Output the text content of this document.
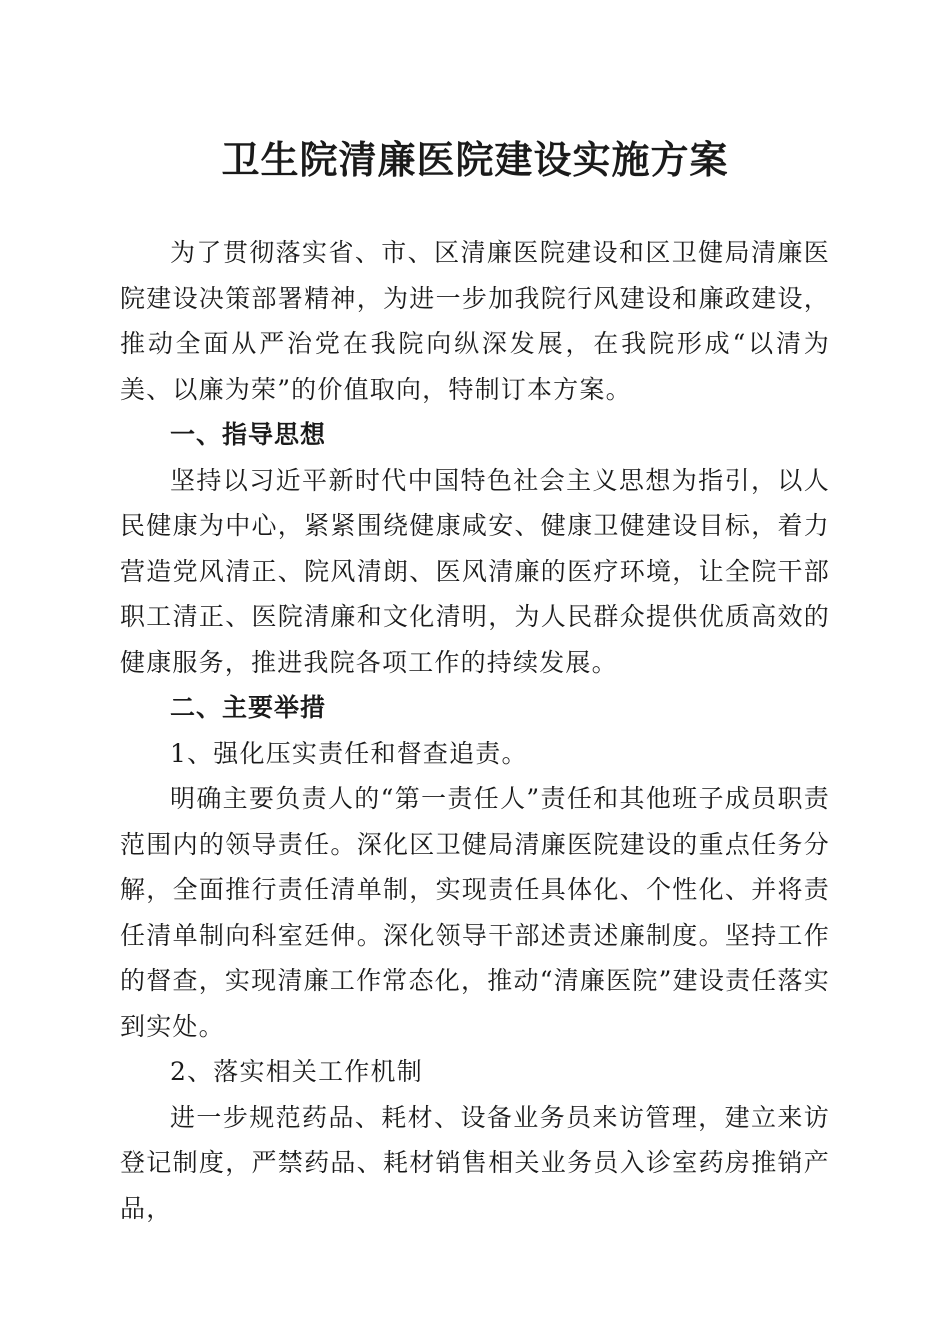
卫生院清廉医院建设实施方案

为了贯彻落实省、市、区清廉医院建设和区卫健局清廉医院建设决策部署精神，为进一步加我院行风建设和廉政建设，推动全面从严治党在我院向纵深发展，在我院形成“以清为美、以廉为荣”的价值取向，特制订本方案。

一、指导思想

坚持以习近平新时代中国特色社会主义思想为指引，以人民健康为中心，紧紧围绕健康咸安、健康卫健建设目标，着力营造党风清正、院风清朗、医风清廉的医疗环境，让全院干部职工清正、医院清廉和文化清明，为人民群众提供优质高效的健康服务，推进我院各项工作的持续发展。

二、主要举措

1、强化压实责任和督查追责。

明确主要负责人的“第一责任人”责任和其他班子成员职责范围内的领导责任。深化区卫健局清廉医院建设的重点任务分解，全面推行责任清单制，实现责任具体化、个性化、并将责任清单制向科室廷伸。深化领导干部述责述廉制度。坚持工作的督查，实现清廉工作常态化，推动“清廉医院”建设责任落实到实处。

2、落实相关工作机制

进一步规范药品、耗材、设备业务员来访管理，建立来访登记制度，严禁药品、耗材销售相关业务员入诊室药房推销产品，
